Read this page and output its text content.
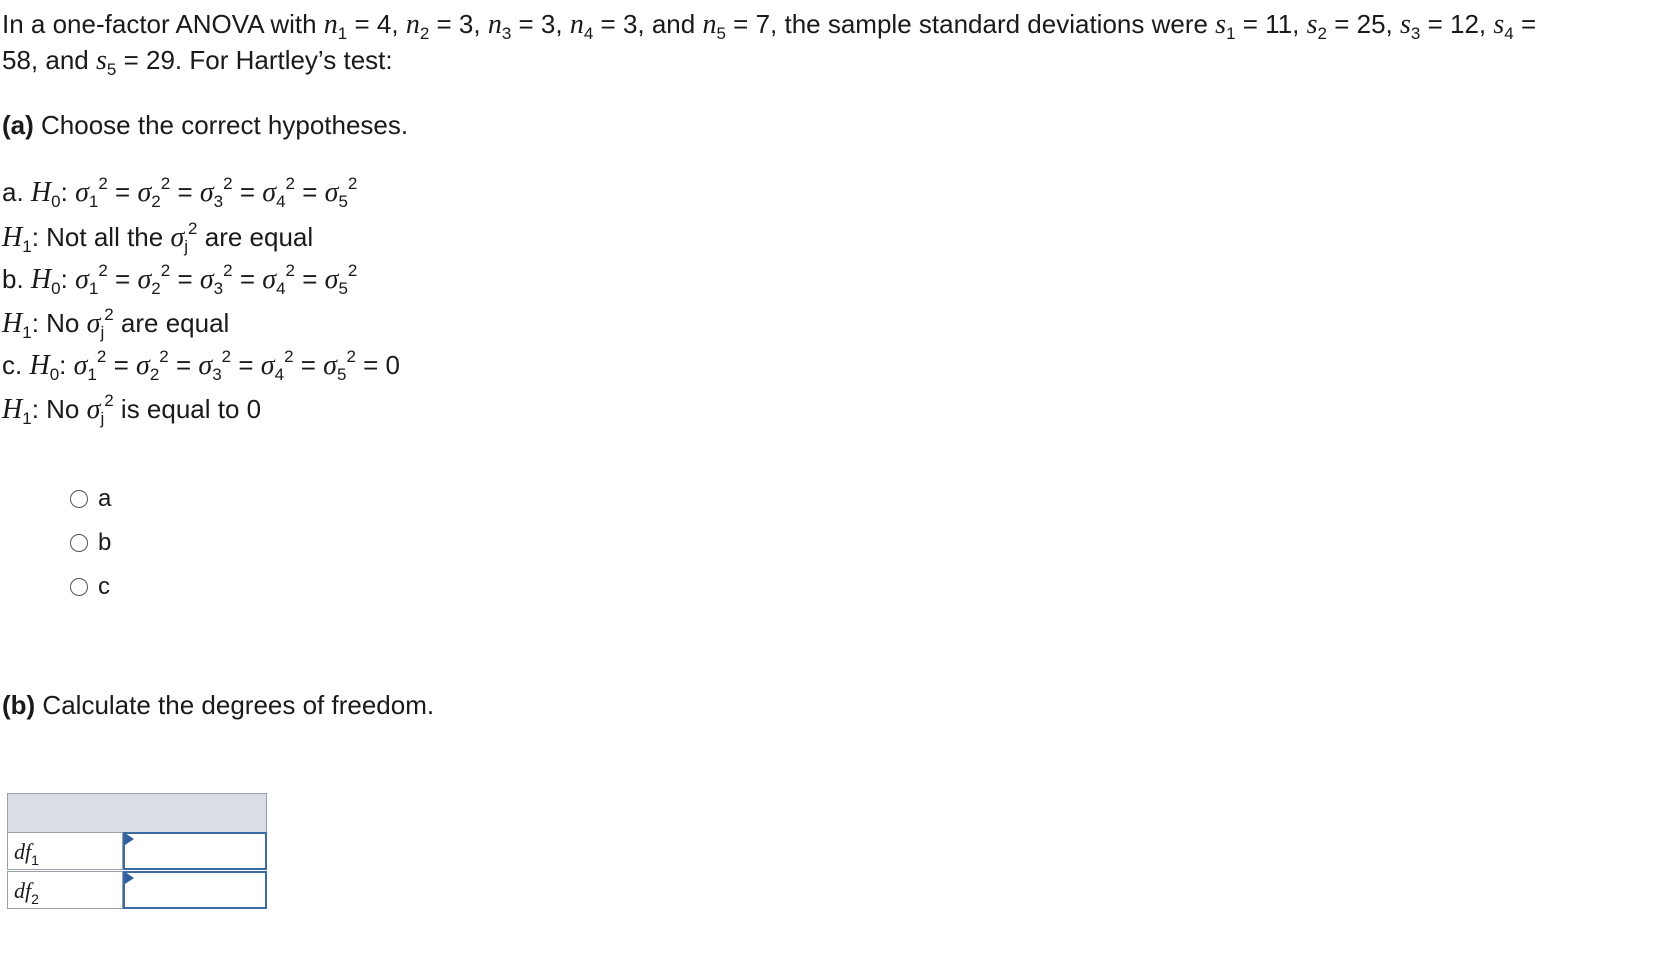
In a one-factor ANOVA with $n_1 = 4$, $n_2 = 3$, $n_3 = 3$, $n_4 = 3$, and $n_5 = 7$, the sample standard deviations were $s_1 = 11$, $s_2 = 25$, $s_3 = 12$, $s_4$ =
58, and $s_5 = 29$. For Hartley’s test:
(a) Choose the correct hypotheses.
a. $H_0$: $\sigma_1^2 = \sigma_2^2 = \sigma_3^2 = \sigma_4^2 = \sigma_5^2$
$H_1$: Not all the $\sigma_j^2$ are equal
b. $H_0$: $\sigma_1^2 = \sigma_2^2 = \sigma_3^2 = \sigma_4^2 = \sigma_5^2$
$H_1$: No $\sigma_j^2$ are equal
c. $H_0$: $\sigma_1^2 = \sigma_2^2 = \sigma_3^2 = \sigma_4^2 = \sigma_5^2 = 0$
$H_1$: No $\sigma_j^2$ is equal to 0
a
b
c
(b) Calculate the degrees of freedom.
$df_1$
$df_2$
